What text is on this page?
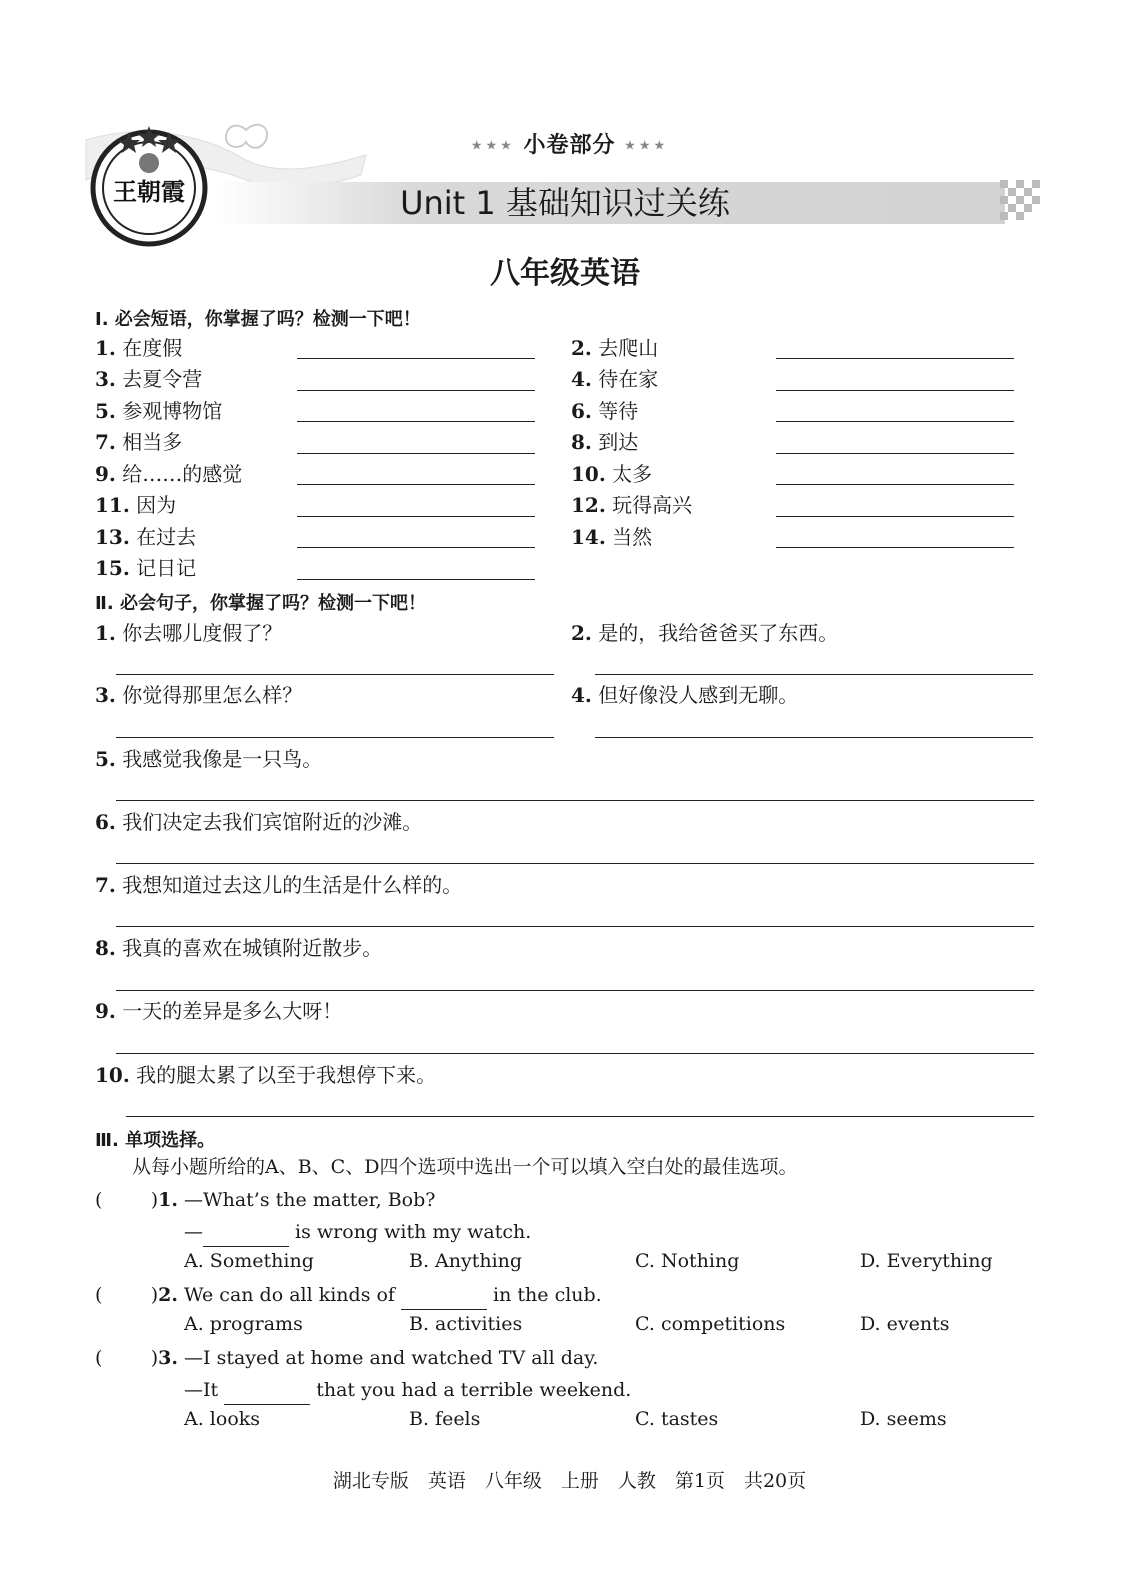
王朝霞
★★★ 小卷部分 ★★★
Unit 1 基础知识过关练
八年级英语
Ⅰ. 必会短语，你掌握了吗？检测一下吧！
1. 在度假	2. 去爬山
3. 去夏令营	4. 待在家
5. 参观博物馆	6. 等待
7. 相当多	8. 到达
9. 给……的感觉	10. 太多
11. 因为	12. 玩得高兴
13. 在过去	14. 当然
15. 记日记
Ⅱ. 必会句子，你掌握了吗？检测一下吧！
1. 你去哪儿度假了？	2. 是的，我给爸爸买了东西。
3. 你觉得那里怎么样？	4. 但好像没人感到无聊。
5. 我感觉我像是一只鸟。
6. 我们决定去我们宾馆附近的沙滩。
7. 我想知道过去这儿的生活是什么样的。
8. 我真的喜欢在城镇附近散步。
9. 一天的差异是多么大呀！
10. 我的腿太累了以至于我想停下来。
Ⅲ. 单项选择。
从每小题所给的A、B、C、D四个选项中选出一个可以填入空白处的最佳选项。
(        )1. —What’s the matter, Bob?
—	is wrong with my watch.
A. Something	B. Anything	C. Nothing	D. Everything
(        )2. We can do all kinds of	in the club.
A. programs	B. activities	C. competitions	D. events
(        )3. —I stayed at home and watched TV all day.
—It	that you had a terrible weekend.
A. looks	B. feels	C. tastes	D. seems
湖北专版　英语　八年级　上册　人教　第1页　共20页
